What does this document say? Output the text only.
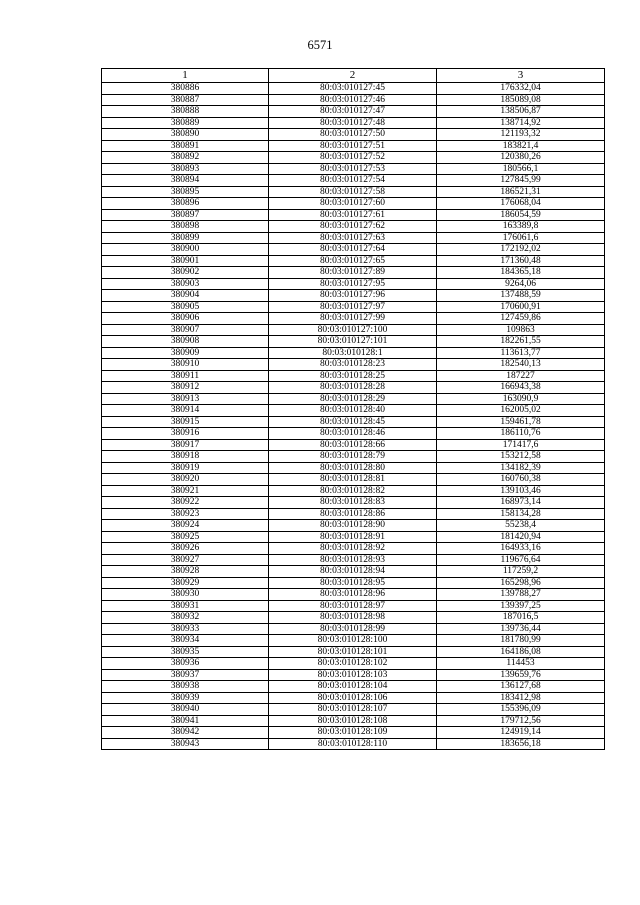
6571
1	2	3
380886	80:03:010127:45	176332,04
380887	80:03:010127:46	185089,08
380888	80:03:010127:47	138506,87
380889	80:03:010127:48	138714,92
380890	80:03:010127:50	121193,32
380891	80:03:010127:51	183821,4
380892	80:03:010127:52	120380,26
380893	80:03:010127:53	180566,1
380894	80:03:010127:54	127845,99
380895	80:03:010127:58	186521,31
380896	80:03:010127:60	176068,04
380897	80:03:010127:61	186054,59
380898	80:03:010127:62	163389,8
380899	80:03:010127:63	176061,6
380900	80:03:010127:64	172192,02
380901	80:03:010127:65	171360,48
380902	80:03:010127:89	184365,18
380903	80:03:010127:95	9264,06
380904	80:03:010127:96	137488,59
380905	80:03:010127:97	170600,91
380906	80:03:010127:99	127459,86
380907	80:03:010127:100	109863
380908	80:03:010127:101	182261,55
380909	80:03:010128:1	113613,77
380910	80:03:010128:23	182540,13
380911	80:03:010128:25	187227
380912	80:03:010128:28	166943,38
380913	80:03:010128:29	163090,9
380914	80:03:010128:40	162005,02
380915	80:03:010128:45	159461,78
380916	80:03:010128:46	186110,76
380917	80:03:010128:66	171417,6
380918	80:03:010128:79	153212,58
380919	80:03:010128:80	134182,39
380920	80:03:010128:81	160760,38
380921	80:03:010128:82	139103,46
380922	80:03:010128:83	168973,14
380923	80:03:010128:86	158134,28
380924	80:03:010128:90	55238,4
380925	80:03:010128:91	181420,94
380926	80:03:010128:92	164933,16
380927	80:03:010128:93	119676,64
380928	80:03:010128:94	117259,2
380929	80:03:010128:95	165298,96
380930	80:03:010128:96	139788,27
380931	80:03:010128:97	139397,25
380932	80:03:010128:98	187016,5
380933	80:03:010128:99	139736,44
380934	80:03:010128:100	181780,99
380935	80:03:010128:101	164186,08
380936	80:03:010128:102	114453
380937	80:03:010128:103	139659,76
380938	80:03:010128:104	136127,68
380939	80:03:010128:106	183412,98
380940	80:03:010128:107	155396,09
380941	80:03:010128:108	179712,56
380942	80:03:010128:109	124919,14
380943	80:03:010128:110	183656,18
